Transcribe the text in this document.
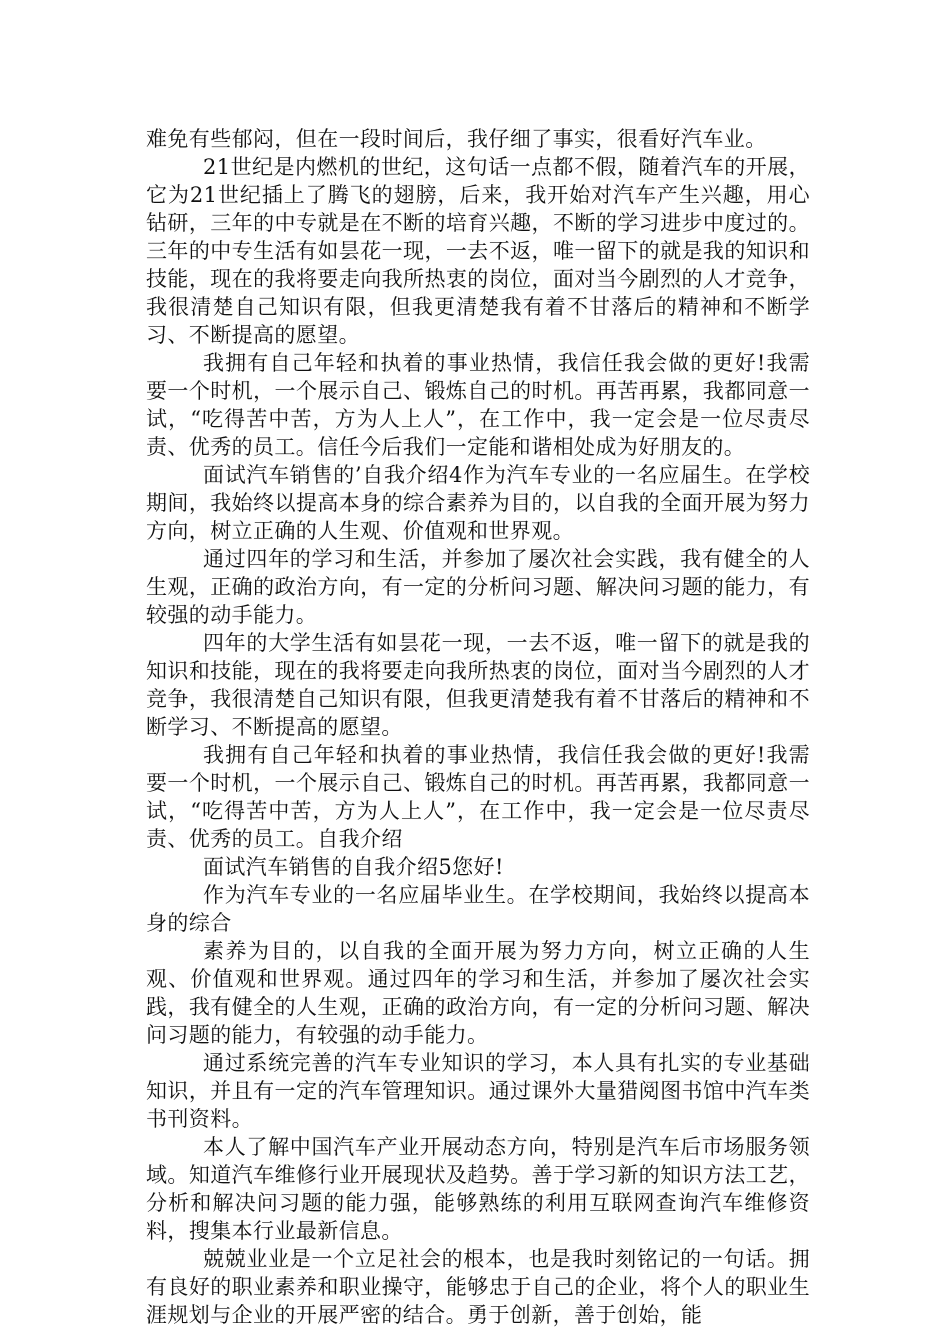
难免有些郁闷，但在一段时间后，我仔细了事实，很看好汽车业。

21世纪是内燃机的世纪，这句话一点都不假，随着汽车的开展，它为21世纪插上了腾飞的翅膀，后来，我开始对汽车产生兴趣，用心钻研，三年的中专就是在不断的培育兴趣，不断的学习进步中度过的。三年的中专生活有如昙花一现，一去不返，唯一留下的就是我的知识和技能，现在的我将要走向我所热衷的岗位，面对当今剧烈的人才竞争，我很清楚自己知识有限，但我更清楚我有着不甘落后的精神和不断学习、不断提高的愿望。

我拥有自己年轻和执着的事业热情，我信任我会做的更好!我需要一个时机，一个展示自己、锻炼自己的时机。再苦再累，我都同意一试，“吃得苦中苦，方为人上人”，在工作中，我一定会是一位尽责尽责、优秀的员工。信任今后我们一定能和谐相处成为好朋友的。

面试汽车销售的’自我介绍4作为汽车专业的一名应届生。在学校期间，我始终以提高本身的综合素养为目的，以自我的全面开展为努力方向，树立正确的人生观、价值观和世界观。

通过四年的学习和生活，并参加了屡次社会实践，我有健全的人生观，正确的政治方向，有一定的分析问习题、解决问习题的能力，有较强的动手能力。

四年的大学生活有如昙花一现，一去不返，唯一留下的就是我的知识和技能，现在的我将要走向我所热衷的岗位，面对当今剧烈的人才竞争，我很清楚自己知识有限，但我更清楚我有着不甘落后的精神和不断学习、不断提高的愿望。

我拥有自己年轻和执着的事业热情，我信任我会做的更好!我需要一个时机，一个展示自己、锻炼自己的时机。再苦再累，我都同意一试，“吃得苦中苦，方为人上人”，在工作中，我一定会是一位尽责尽责、优秀的员工。自我介绍

面试汽车销售的自我介绍5您好!

作为汽车专业的一名应届毕业生。在学校期间，我始终以提高本身的综合

素养为目的，以自我的全面开展为努力方向，树立正确的人生观、价值观和世界观。通过四年的学习和生活，并参加了屡次社会实践，我有健全的人生观，正确的政治方向，有一定的分析问习题、解决问习题的能力，有较强的动手能力。

通过系统完善的汽车专业知识的学习，本人具有扎实的专业基础知识，并且有一定的汽车管理知识。通过课外大量猎阅图书馆中汽车类书刊资料。

本人了解中国汽车产业开展动态方向，特别是汽车后市场服务领域。知道汽车维修行业开展现状及趋势。善于学习新的知识方法工艺，分析和解决问习题的能力强，能够熟练的利用互联网查询汽车维修资料，搜集本行业最新信息。

兢兢业业是一个立足社会的根本，也是我时刻铭记的一句话。拥有良好的职业素养和职业操守，能够忠于自己的企业，将个人的职业生涯规划与企业的开展严密的结合。勇于创新，善于创始，能
